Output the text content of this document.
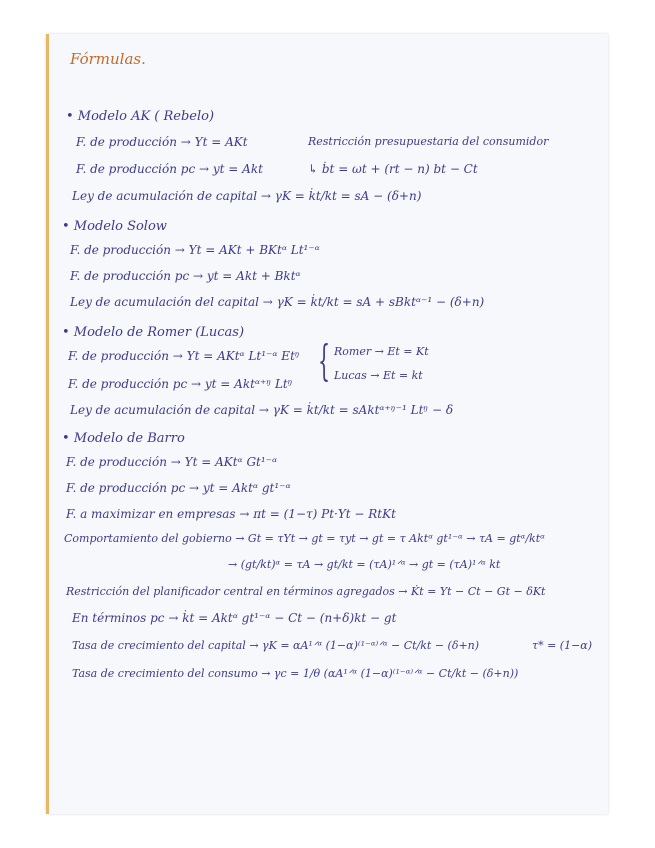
Fórmulas.
• Modelo AK ( Rebelo)
F. de producción → Yt = AKt	Restricción presupuestaria del consumidor
F. de producción pc → yt = Akt	↳ ḃt = ωt + (rt − n) bt − Ct
Ley de acumulación de capital → γK = k̇t/kt = sA − (δ+n)
• Modelo Solow
F. de producción → Yt = AKt + BKtᵅ Lt¹⁻ᵅ
F. de producción pc → yt = Akt + Bktᵅ
Ley de acumulación del capital → γK = k̇t/kt = sA + sBktᵅ⁻¹ − (δ+n)
• Modelo de Romer (Lucas)
F. de producción → Yt = AKtᵅ Lt¹⁻ᵅ Etᵑ { Romer → Et = Kt
Lucas → Et = kt
F. de producción pc → yt = Aktᵅ⁺ᵑ Ltᵑ
Ley de acumulación de capital → γK = k̇t/kt = sAktᵅ⁺ᵑ⁻¹ Ltᵑ − δ
• Modelo de Barro
F. de producción → Yt = AKtᵅ Gt¹⁻ᵅ
F. de producción pc → yt = Aktᵅ gt¹⁻ᵅ
F. a maximizar en empresas → πt = (1−τ) Pt·Yt − RtKt
Comportamiento del gobierno → Gt = τYt → gt = τyt → gt = τ Aktᵅ gt¹⁻ᵅ → τA = gtᵅ/ktᵅ
→ (gt/kt)ᵅ = τA → gt/kt = (τA)¹ᐟᵅ → gt = (τA)¹ᐟᵅ kt
Restricción del planificador central en términos agregados → K̇t = Yt − Ct − Gt − δKt
En términos pc → k̇t = Aktᵅ gt¹⁻ᵅ − Ct − (n+δ)kt − gt
Tasa de crecimiento del capital → γK = αA¹ᐟᵅ (1−α)⁽¹⁻ᵅ⁾ᐟᵅ − Ct/kt − (δ+n)	τ* = (1−α)
Tasa de crecimiento del consumo → γc = 1/θ (αA¹ᐟᵅ (1−α)⁽¹⁻ᵅ⁾ᐟᵅ − Ct/kt − (δ+n))
